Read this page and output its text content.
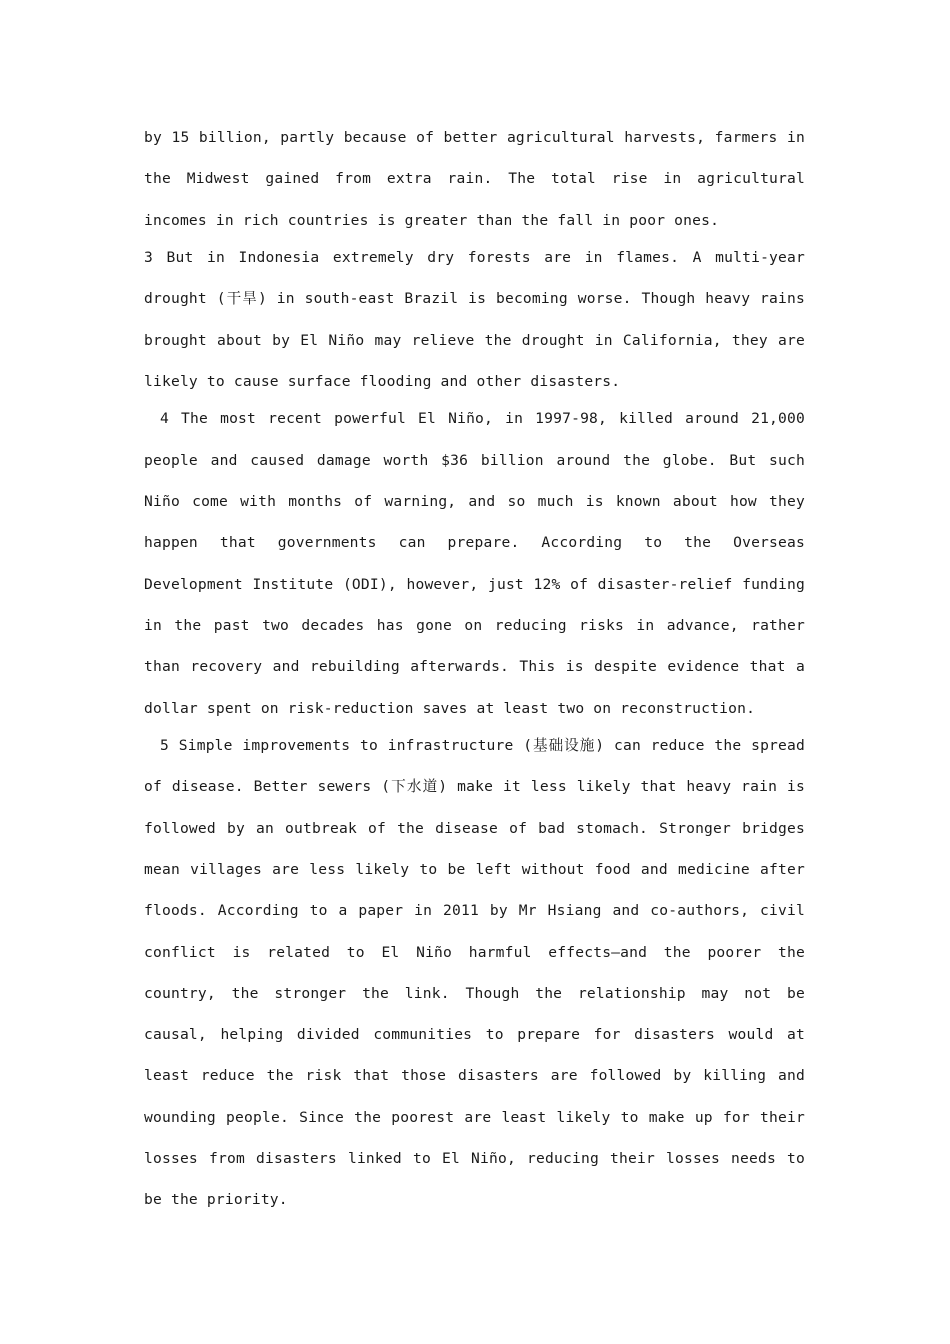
by 15 billion, partly because of better agricultural harvests, farmers in the Midwest gained from extra rain. The total rise in agricultural incomes in rich countries is greater than the fall in poor ones.

3 But in Indonesia extremely dry forests are in flames. A multi-year drought (干旱) in south-east Brazil is becoming worse. Though heavy rains brought about by El Niño may relieve the drought in California, they are likely to cause surface flooding and other disasters.

4 The most recent powerful El Niño, in 1997-98, killed around 21,000 people and caused damage worth $36 billion around the globe. But such Niño come with months of warning, and so much is known about how they happen that governments can prepare. According to the Overseas Development Institute (ODI), however, just 12% of disaster-relief funding in the past two decades has gone on reducing risks in advance, rather than recovery and rebuilding afterwards. This is despite evidence that a dollar spent on risk-reduction saves at least two on reconstruction.

5 Simple improvements to infrastructure (基础设施) can reduce the spread of disease. Better sewers (下水道) make it less likely that heavy rain is followed by an outbreak of the disease of bad stomach. Stronger bridges mean villages are less likely to be left without food and medicine after floods. According to a paper in 2011 by Mr Hsiang and co-authors, civil conflict is related to El Niño harmful effects—and the poorer the country, the stronger the link. Though the relationship may not be causal, helping divided communities to prepare for disasters would at least reduce the risk that those disasters are followed by killing and wounding people. Since the poorest are least likely to make up for their losses from disasters linked to El Niño, reducing their losses needs to be the priority.
